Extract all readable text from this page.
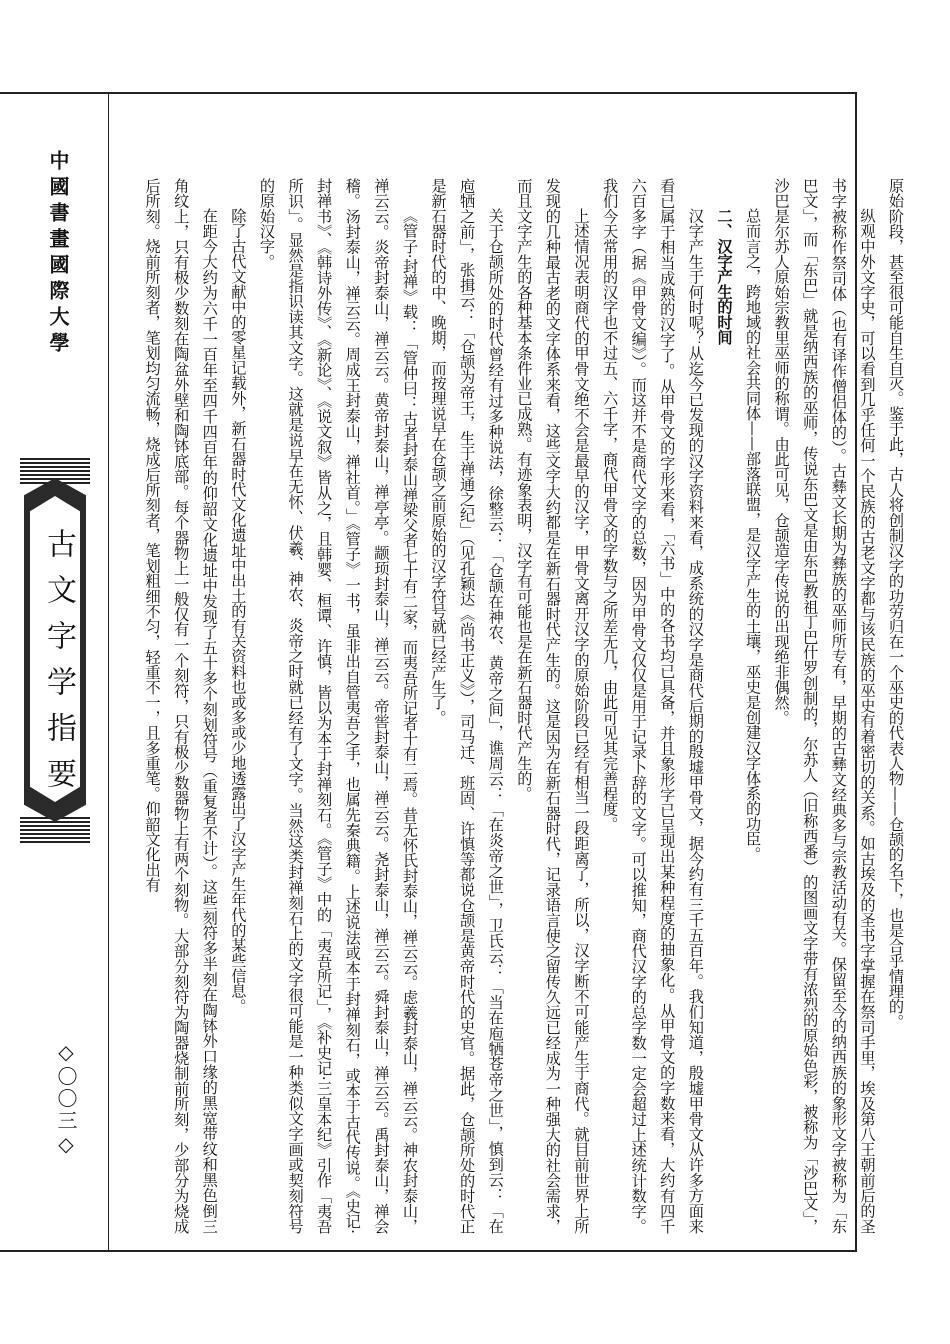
中國書畫國際大學
古文字学指要
◇〇〇三◇

原始阶段，甚至很可能自生自灭。鉴于此，古人将创制汉字的功劳归在一个巫史的代表人物——仓颉的名下，也是合乎情理的。

纵观中外文字史，可以看到几乎任何一个民族的古老文字都与该民族的巫史有着密切的关系。如古埃及的圣书字掌握在祭司手里，埃及第八王朝前后的圣书字被称作祭司体（也有译作僧侣体的）。古彝文长期为彝族的巫师所专有，早期的古彝文经典多与宗教活动有关。保留至今的纳西族的象形文字被称为「东巴文」，而「东巴」就是纳西族的巫师，传说东巴文是由东巴教祖丁巴什罗创制的，尔苏人（旧称西番）的图画文字带有浓烈的原始色彩，被称为「沙巴文」，沙巴是尔苏人原始宗教里巫师的称谓。由此可见，仓颉造字传说的出现绝非偶然。

总而言之，跨地域的社会共同体——部落联盟，是汉字产生的土壤，巫史是创建汉字体系的功臣。

二、汉字产生的时间

汉字产生于何时呢？从迄今已发现的汉字资料来看，成系统的汉字是商代后期的殷墟甲骨文，据今约有三千五百年。我们知道，殷墟甲骨文从许多方面来看已属于相当成熟的汉字了。从甲骨文的字形来看，「六书」中的各书均已具备，并且象形字已呈现出某种程度的抽象化。从甲骨文的字数来看，大约有四千六百多字（据《甲骨文编》）。而这并不是商代文字的总数，因为甲骨文仅仅是用于记录卜辞的文字。可以推知，商代汉字的总字数一定会超过上述统计数字。我们今天常用的汉字也不过五、六千字，商代甲骨文的字数与之所差无几，由此可见其完善程度。

上述情况表明商代的甲骨文绝不会是最早的汉字，甲骨文离开汉字的原始阶段已经有相当一段距离了，所以，汉字断不可能产生于商代。就目前世界上所发现的几种最古老的文字体系来看，这些文字大约都是在新石器时代产生的。这是因为在新石器时代，记录语言使之留传久远已经成为一种强大的社会需求，而且文字产生的各种基本条件业已成熟。有迹象表明，汉字有可能也是在新石器时代产生的。

关于仓颉所处的时代曾经有过多种说法，徐整云：「仓颉在神农、黄帝之间」，谯周云：「在炎帝之世」，卫氏云：「当在庖牺苍帝之世」，慎到云：「在庖牺之前」，张揖云：「仓颉为帝王，生于禅通之纪」（见孔颖达《尚书正义》），司马迁、班固、许慎等都说仓颉是黄帝时代的史官。据此，仓颉所处的时代正是新石器时代的中、晚期，而按理说早在仓颉之前原始的汉字符号就已经产生了。

《管子·封禅》载：「管仲曰：古者封泰山禅梁父者七十有二家，而夷吾所记者十有二焉。昔无怀氏封泰山，禅云云。虑羲封泰山，禅云云。神农封泰山，禅云云。炎帝封泰山，禅云云。黄帝封泰山，禅亭亭。颛顼封泰山，禅云云。帝喾封泰山，禅云云。尧封泰山，禅云云。舜封泰山，禅云云。禹封泰山，禅会稽。汤封泰山，禅云云。周成王封泰山，禅社首。」《管子》一书，虽非出自管夷吾之手，也属先秦典籍。上述说法或本于封禅刻石，或本于古代传说。《史记·封禅书》、《韩诗外传》、《新论》、《说文叙》皆从之，且韩婴、桓谭、许慎，皆以为本于封禅刻石。《管子》中的「夷吾所记」，《补史记·三皇本纪》引作「夷吾所识」。显然是指识读其文字。这就是说早在无怀、伏羲、神农、炎帝之时就已经有了文字。当然这类封禅刻石上的文字很可能是一种类似文字画或契刻符号的原始汉字。

除了古代文献中的零星记载外，新石器时代文化遗址中出土的有关资料也或多或少地透露出了汉字产生年代的某些信息。

在距今大约为六千一百年至四千四百年的仰韶文化遗址中发现了五十多个刻划符号（重复者不计）。这些刻符多半刻在陶钵外口缘的黑宽带纹和黑色倒三角纹上，只有极少数刻在陶盆外壁和陶钵底部。每个器物上一般仅有一个刻符，只有极少数器物上有两个刻物。大部分刻符为陶器烧制前所刻，少部分为烧成后所刻。烧前所刻者，笔划均匀流畅，烧成后所刻者，笔划粗细不匀，轻重不一，且多重笔。仰韶文化出有
